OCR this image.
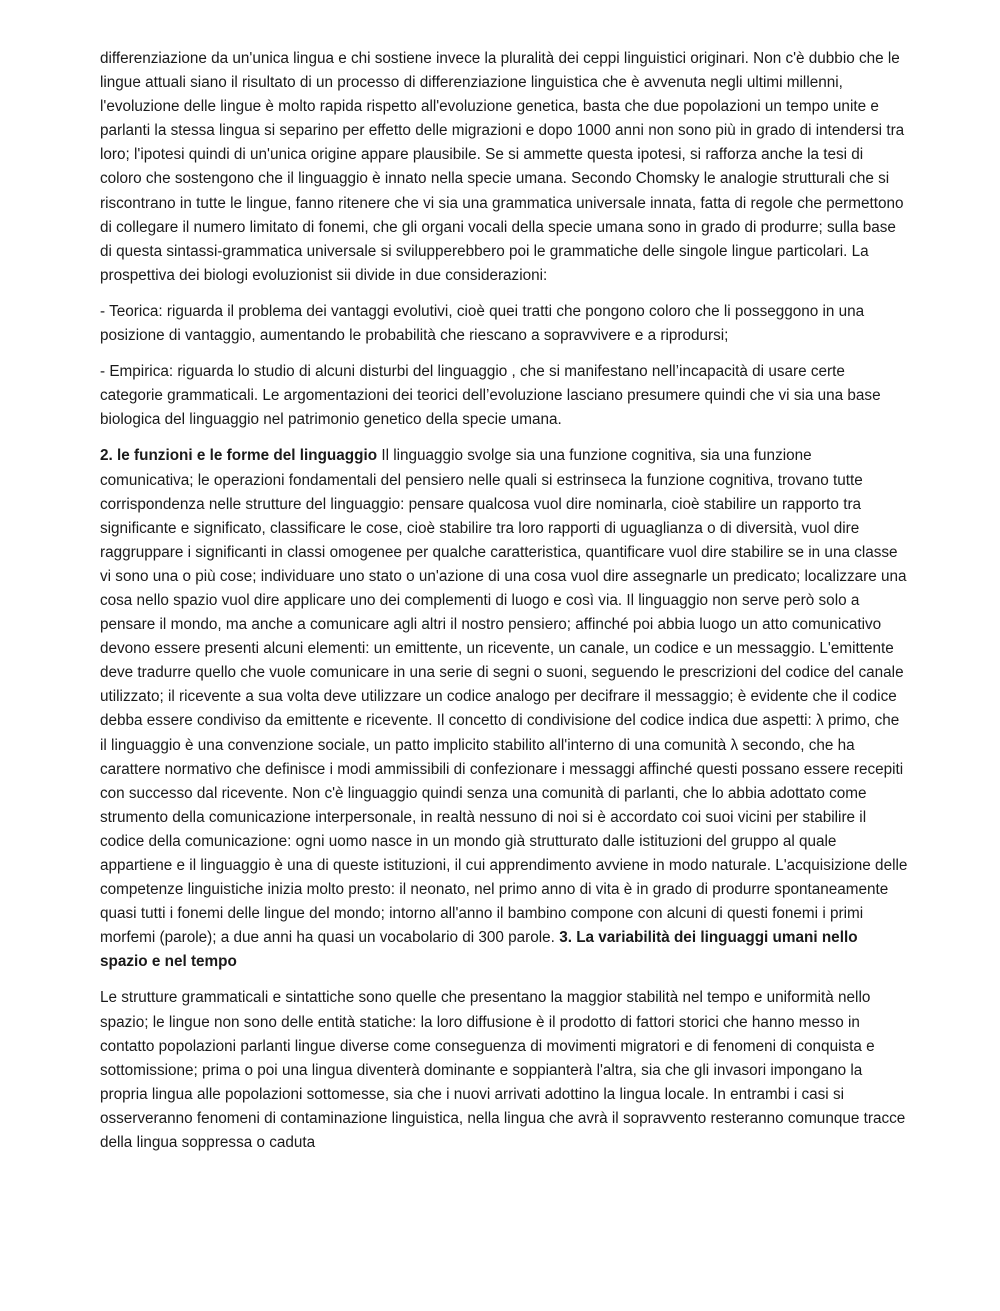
differenziazione da un'unica lingua e chi sostiene invece la pluralità dei ceppi linguistici originari. Non c'è dubbio che le lingue attuali siano il risultato di un processo di differenziazione linguistica che è avvenuta negli ultimi millenni, l'evoluzione delle lingue è molto rapida rispetto all'evoluzione genetica, basta che due popolazioni un tempo unite e parlanti la stessa lingua si separino per effetto delle migrazioni e dopo 1000 anni non sono più in grado di intendersi tra loro; l'ipotesi quindi di un'unica origine appare plausibile. Se si ammette questa ipotesi, si rafforza anche la tesi di coloro che sostengono che il linguaggio è innato nella specie umana. Secondo Chomsky le analogie strutturali che si riscontrano in tutte le lingue, fanno ritenere che vi sia una grammatica universale innata, fatta di regole che permettono di collegare il numero limitato di fonemi, che gli organi vocali della specie umana sono in grado di produrre; sulla base di questa sintassi-grammatica universale si svilupperebbero poi le grammatiche delle singole lingue particolari. La prospettiva dei biologi evoluzionist sii divide in due considerazioni:

- Teorica: riguarda il problema dei vantaggi evolutivi, cioè quei tratti che pongono coloro che li posseggono in una posizione di vantaggio, aumentando le probabilità che riescano a sopravvivere e a riprodursi;

- Empirica: riguarda lo studio di alcuni disturbi del linguaggio , che si manifestano nell’incapacità di usare certe categorie grammaticali. Le argomentazioni dei teorici dell’evoluzione lasciano presumere quindi che vi sia una base biologica del linguaggio nel patrimonio genetico della specie umana.

2. le funzioni e le forme del linguaggio Il linguaggio svolge sia una funzione cognitiva, sia una funzione comunicativa; le operazioni fondamentali del pensiero nelle quali si estrinseca la funzione cognitiva, trovano tutte corrispondenza nelle strutture del linguaggio: pensare qualcosa vuol dire nominarla, cioè stabilire un rapporto tra significante e significato, classificare le cose, cioè stabilire tra loro rapporti di uguaglianza o di diversità, vuol dire raggruppare i significanti in classi omogenee per qualche caratteristica, quantificare vuol dire stabilire se in una classe vi sono una o più cose; individuare uno stato o un'azione di una cosa vuol dire assegnarle un predicato; localizzare una cosa nello spazio vuol dire applicare uno dei complementi di luogo e così via. Il linguaggio non serve però solo a pensare il mondo, ma anche a comunicare agli altri il nostro pensiero; affinché poi abbia luogo un atto comunicativo devono essere presenti alcuni elementi: un emittente, un ricevente, un canale, un codice e un messaggio. L'emittente deve tradurre quello che vuole comunicare in una serie di segni o suoni, seguendo le prescrizioni del codice del canale utilizzato; il ricevente a sua volta deve utilizzare un codice analogo per decifrare il messaggio; è evidente che il codice debba essere condiviso da emittente e ricevente. Il concetto di condivisione del codice indica due aspetti: λ primo, che il linguaggio è una convenzione sociale, un patto implicito stabilito all'interno di una comunità λ secondo, che ha carattere normativo che definisce i modi ammissibili di confezionare i messaggi affinché questi possano essere recepiti con successo dal ricevente. Non c'è linguaggio quindi senza una comunità di parlanti, che lo abbia adottato come strumento della comunicazione interpersonale, in realtà nessuno di noi si è accordato coi suoi vicini per stabilire il codice della comunicazione: ogni uomo nasce in un mondo già strutturato dalle istituzioni del gruppo al quale appartiene e il linguaggio è una di queste istituzioni, il cui apprendimento avviene in modo naturale. L'acquisizione delle competenze linguistiche inizia molto presto: il neonato, nel primo anno di vita è in grado di produrre spontaneamente quasi tutti i fonemi delle lingue del mondo; intorno all'anno il bambino compone con alcuni di questi fonemi i primi morfemi (parole); a due anni ha quasi un vocabolario di 300 parole. 3. La variabilità dei linguaggi umani nello spazio e nel tempo

Le strutture grammaticali e sintattiche sono quelle che presentano la maggior stabilità nel tempo e uniformità nello spazio; le lingue non sono delle entità statiche: la loro diffusione è il prodotto di fattori storici che hanno messo in contatto popolazioni parlanti lingue diverse come conseguenza di movimenti migratori e di fenomeni di conquista e sottomissione; prima o poi una lingua diventerà dominante e soppianterà l'altra, sia che gli invasori impongano la propria lingua alle popolazioni sottomesse, sia che i nuovi arrivati adottino la lingua locale. In entrambi i casi si osserveranno fenomeni di contaminazione linguistica, nella lingua che avrà il sopravvento resteranno comunque tracce della lingua soppressa o caduta
